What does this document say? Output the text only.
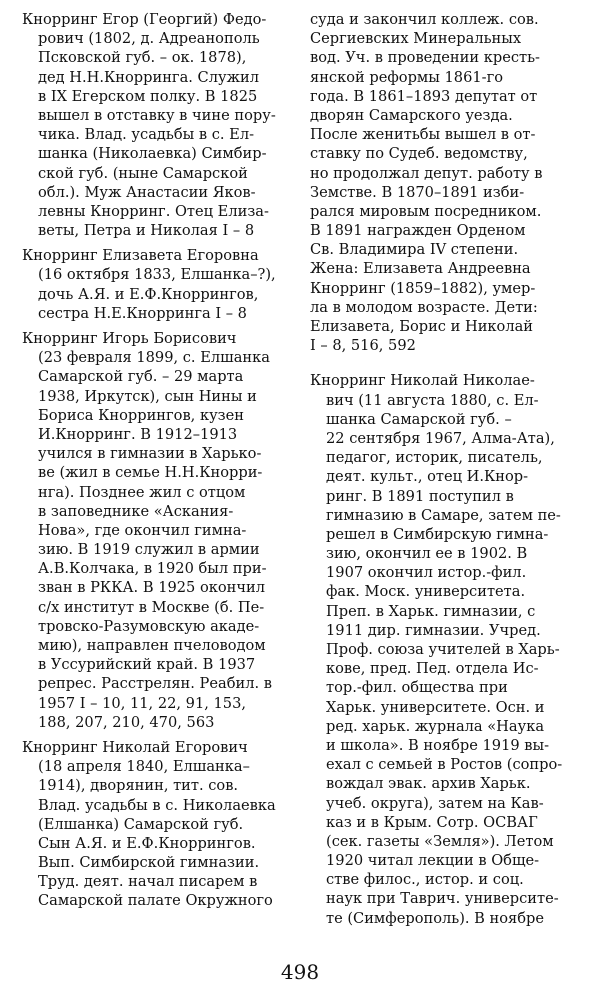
Кнорринг Егор (Георгий) Федо-
рович (1802, д. Адреанополь
Псковской губ. – ок. 1878),
дед Н.Н.Кнорринга. Служил
в IX Егерском полку. В 1825
вышел в отставку в чине пору-
чика. Влад. усадьбы в с. Ел-
шанка (Николаевка) Симбир-
ской губ. (ныне Самарской
обл.). Муж Анастасии Яков-
левны Кнорринг. Отец Елиза-
веты, Петра и Николая I – 8
Кнорринг Елизавета Егоровна
(16 октября 1833, Елшанка–?),
дочь А.Я. и Е.Ф.Кноррингов,
сестра Н.Е.Кнорринга I – 8
Кнорринг Игорь Борисович
(23 февраля 1899, с. Елшанка
Самарской губ. – 29 марта
1938, Иркутск), сын Нины и
Бориса Кноррингов, кузен
И.Кнорринг. В 1912–1913
учился в гимназии в Харько-
ве (жил в семье Н.Н.Кнорри-
нга). Позднее жил с отцом
в заповеднике «Аскания-
Нова», где окончил гимна-
зию. В 1919 служил в армии
А.В.Колчака, в 1920 был при-
зван в РККА. В 1925 окончил
с/х институт в Москве (б. Пе-
тровско-Разумовскую акаде-
мию), направлен пчеловодом
в Уссурийский край. В 1937
репрес. Расстрелян. Реабил. в
1957 I – 10, 11, 22, 91, 153,
188, 207, 210, 470, 563
Кнорринг Николай Егорович
(18 апреля 1840, Елшанка–
1914), дворянин, тит. сов.
Влад. усадьбы в с. Николаевка
(Елшанка) Самарской губ.
Сын А.Я. и Е.Ф.Кноррингов.
Вып. Симбирской гимназии.
Труд. деят. начал писарем в
Самарской палате Окружного
суда и закончил коллеж. сов.
Сергиевских Минеральных
вод. Уч. в проведении кресть-
янской реформы 1861-го
года. В 1861–1893 депутат от
дворян Самарского уезда.
После женитьбы вышел в от-
ставку по Судеб. ведомству,
но продолжал депут. работу в
Земстве. В 1870–1891 изби-
рался мировым посредником.
В 1891 награжден Орденом
Св. Владимира IV степени.
Жена: Елизавета Андреевна
Кнорринг (1859–1882), умер-
ла в молодом возрасте. Дети:
Елизавета, Борис и Николай
I – 8, 516, 592
Кнорринг Николай Николае-
вич (11 августа 1880, с. Ел-
шанка Самарской губ. –
22 сентября 1967, Алма-Ата),
педагог, историк, писатель,
деят. культ., отец И.Кнор-
ринг. В 1891 поступил в
гимназию в Самаре, затем пе-
решел в Симбирскую гимна-
зию, окончил ее в 1902. В
1907 окончил истор.-фил.
фак. Моск. университета.
Преп. в Харьк. гимназии, с
1911 дир. гимназии. Учред.
Проф. союза учителей в Харь-
кове, пред. Пед. отдела Ис-
тор.-фил. общества при
Харьк. университете. Осн. и
ред. харьк. журнала «Наука
и школа». В ноябре 1919 вы-
ехал с семьей в Ростов (сопро-
вождал эвак. архив Харьк.
учеб. округа), затем на Кав-
каз и в Крым. Сотр. ОСВАГ
(сек. газеты «Земля»). Летом
1920 читал лекции в Обще-
стве филос., истор. и соц.
наук при Таврич. университе-
те (Симферополь). В ноябре
498
